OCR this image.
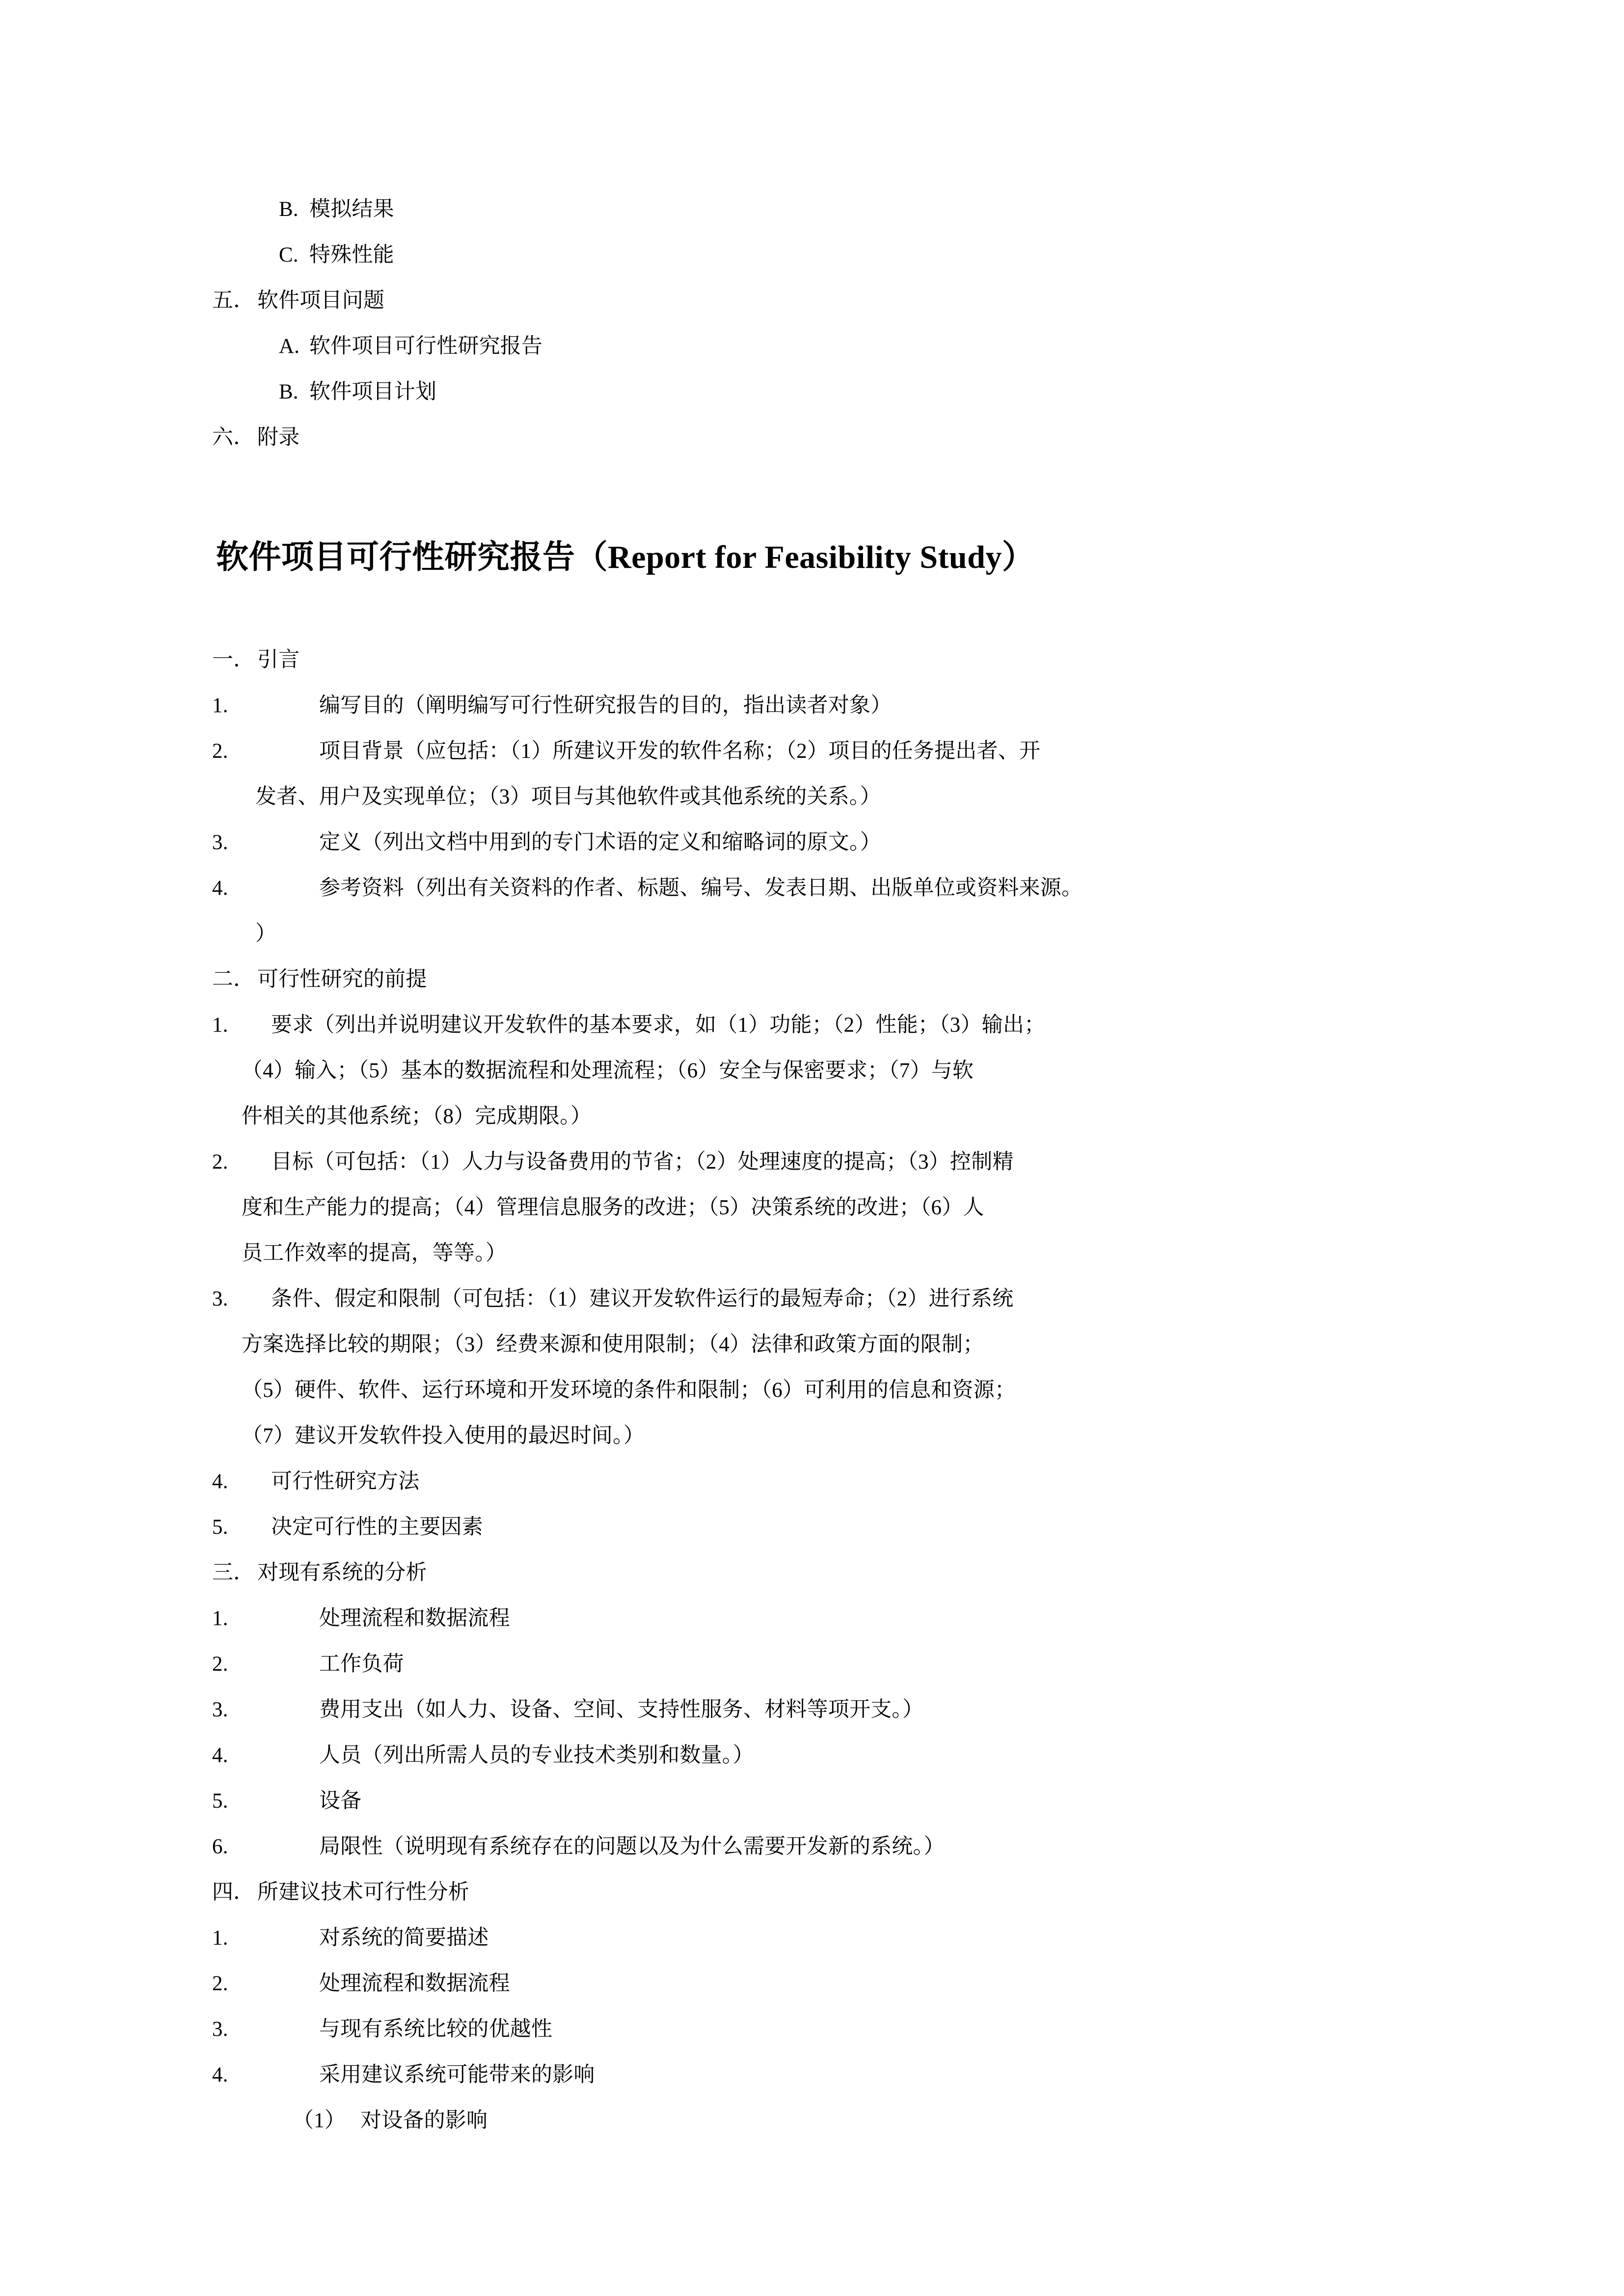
B. 模拟结果
C. 特殊性能
五． 软件项目问题
A. 软件项目可行性研究报告
B. 软件项目计划
六． 附录
软件项目可行性研究报告（Report for Feasibility Study）
一． 引言
1.	编写目的（阐明编写可行性研究报告的目的，指出读者对象）
2.	项目背景（应包括：（1）所建议开发的软件名称；（2）项目的任务提出者、开
发者、用户及实现单位；（3）项目与其他软件或其他系统的关系。）
3.	定义（列出文档中用到的专门术语的定义和缩略词的原文。）
4.	参考资料（列出有关资料的作者、标题、编号、发表日期、出版单位或资料来源。
）
二． 可行性研究的前提
1. 要求（列出并说明建议开发软件的基本要求，如（1）功能；（2）性能；（3）输出；
（4）输入；（5）基本的数据流程和处理流程；（6）安全与保密要求；（7）与软
件相关的其他系统；（8）完成期限。）
2. 目标（可包括：（1）人力与设备费用的节省；（2）处理速度的提高；（3）控制精
度和生产能力的提高；（4）管理信息服务的改进；（5）决策系统的改进；（6）人
员工作效率的提高，等等。）
3. 条件、假定和限制（可包括：（1）建议开发软件运行的最短寿命；（2）进行系统
方案选择比较的期限；（3）经费来源和使用限制；（4）法律和政策方面的限制；
（5）硬件、软件、运行环境和开发环境的条件和限制；（6）可利用的信息和资源；
（7）建议开发软件投入使用的最迟时间。）
4. 可行性研究方法
5. 决定可行性的主要因素
三． 对现有系统的分析
1.	处理流程和数据流程
2.	工作负荷
3.	费用支出（如人力、设备、空间、支持性服务、材料等项开支。）
4.	人员（列出所需人员的专业技术类别和数量。）
5.	设备
6.	局限性（说明现有系统存在的问题以及为什么需要开发新的系统。）
四． 所建议技术可行性分析
1.	对系统的简要描述
2.	处理流程和数据流程
3.	与现有系统比较的优越性
4.	采用建议系统可能带来的影响
（1） 对设备的影响
